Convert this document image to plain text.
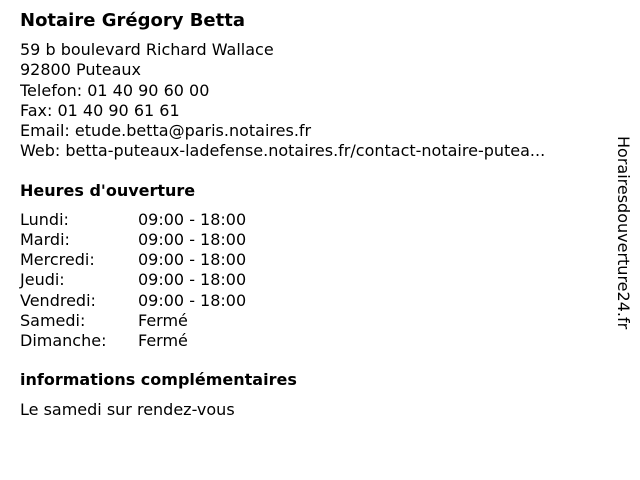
Notaire Grégory Betta
59 b boulevard Richard Wallace
92800 Puteaux
Telefon: 01 40 90 60 00
Fax: 01 40 90 61 61
Email: etude.betta@paris.notaires.fr
Web: betta-puteaux-ladefense.notaires.fr/contact-notaire-putea...
Heures d'ouverture
Lundi:	09:00 - 18:00
Mardi:	09:00 - 18:00
Mercredi:	09:00 - 18:00
Jeudi:	09:00 - 18:00
Vendredi:	09:00 - 18:00
Samedi:	Fermé
Dimanche:	Fermé
informations complémentaires
Le samedi sur rendez-vous
Horairesdouverture24.fr
